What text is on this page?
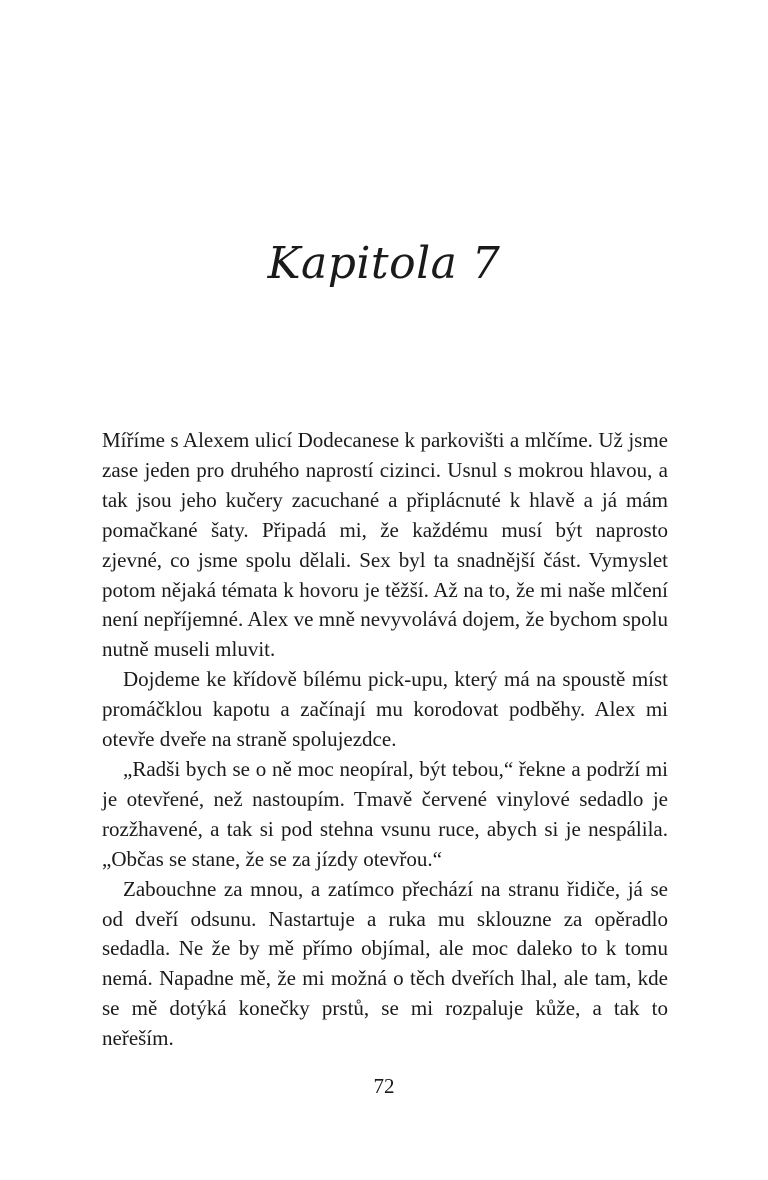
Kapitola 7

Míříme s Alexem ulicí Dodecanese k parkovišti a mlčíme. Už jsme zase jeden pro druhého naprostí cizinci. Usnul s mokrou hlavou, a tak jsou jeho kučery zacuchané a připlácnuté k hlavě a já mám pomačkané šaty. Připadá mi, že každému musí být naprosto zjevné, co jsme spolu dělali. Sex byl ta snadnější část. Vymyslet potom nějaká témata k hovoru je těžší. Až na to, že mi naše mlčení není nepříjemné. Alex ve mně nevyvolává dojem, že bychom spolu nutně museli mluvit.

Dojdeme ke křídově bílému pick-upu, který má na spoustě míst promáčklou kapotu a začínají mu korodovat podběhy. Alex mi otevře dveře na straně spolujezdce.

„Radši bych se o ně moc neopíral, být tebou,“ řekne a podrží mi je otevřené, než nastoupím. Tmavě červené vinylové sedadlo je rozžhavené, a tak si pod stehna vsunu ruce, abych si je nespálila. „Občas se stane, že se za jízdy otevřou.“

Zabouchne za mnou, a zatímco přechází na stranu řidiče, já se od dveří odsunu. Nastartuje a ruka mu sklouzne za opěradlo sedadla. Ne že by mě přímo objímal, ale moc daleko to k tomu nemá. Napadne mě, že mi možná o těch dveřích lhal, ale tam, kde se mě dotýká konečky prstů, se mi rozpaluje kůže, a tak to neřeším.

72
